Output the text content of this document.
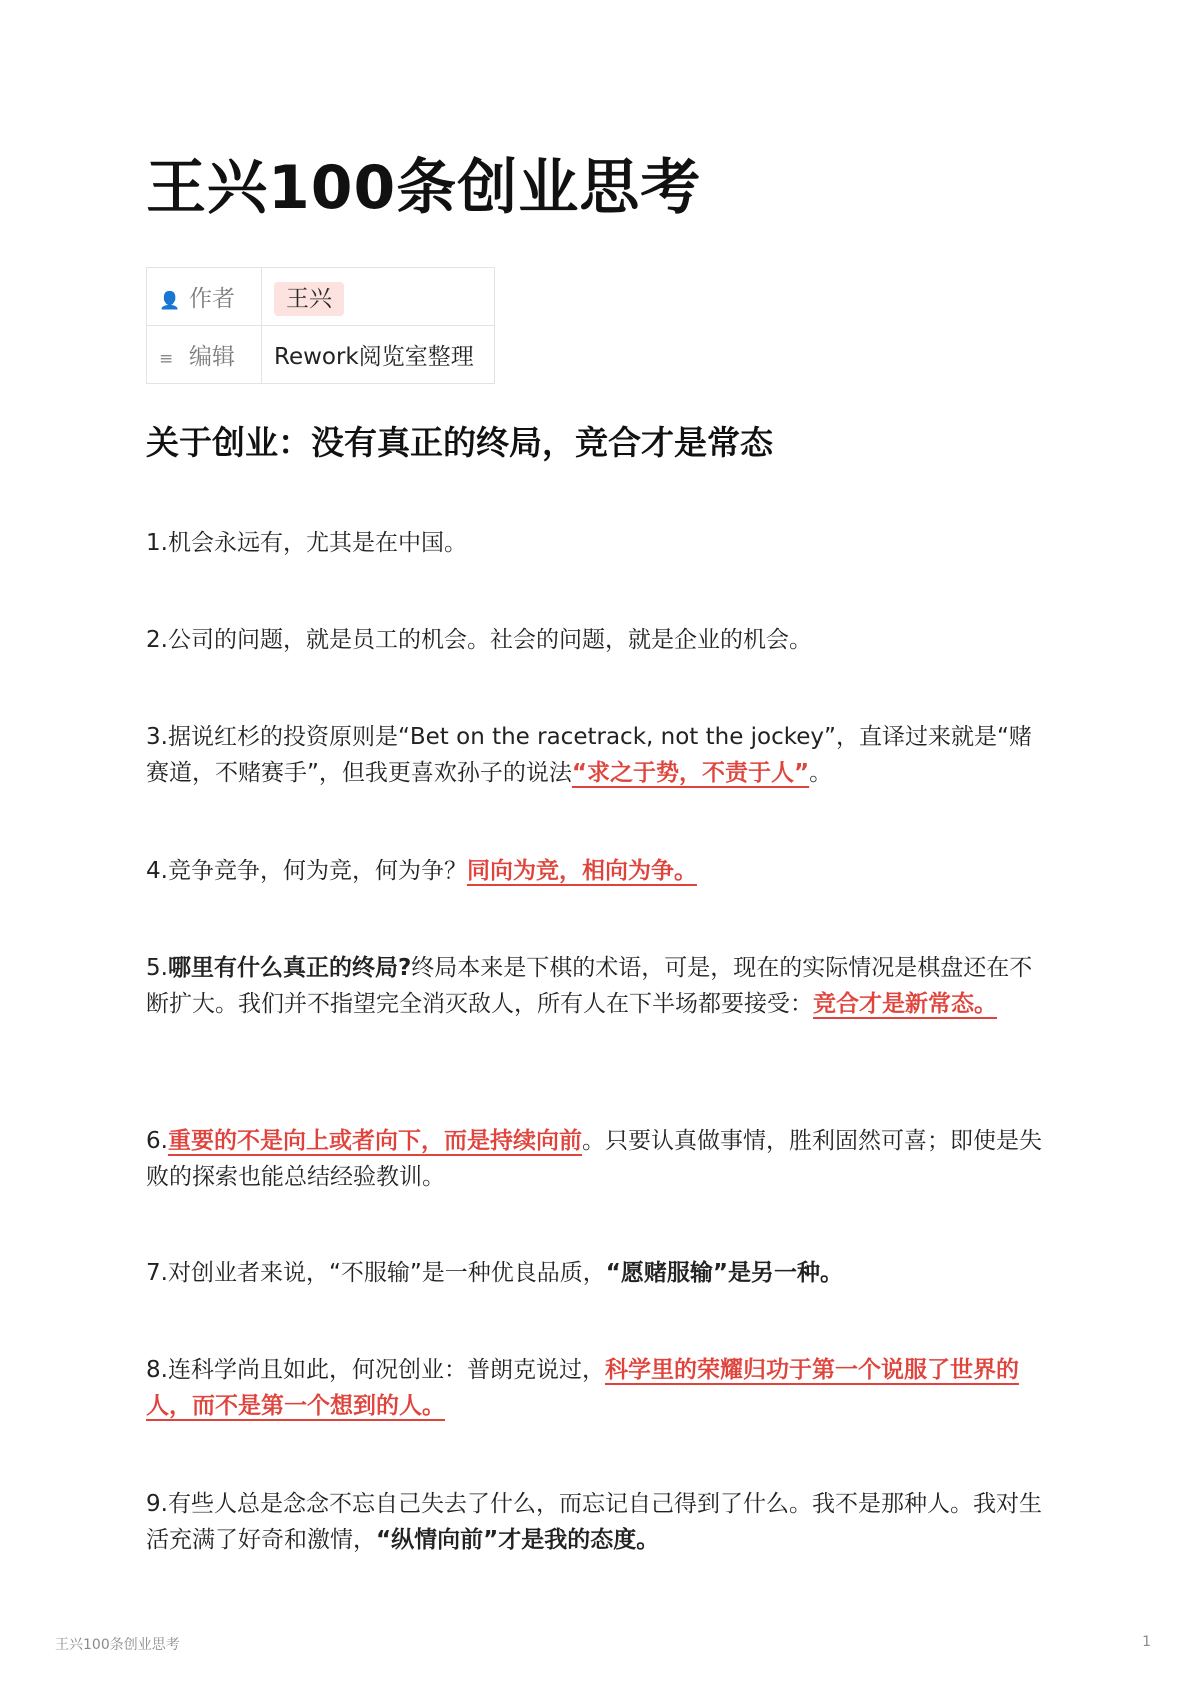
王兴100条创业思考
👤 作者	王兴
≡ 编辑	Rework阅览室整理
关于创业：没有真正的终局，竞合才是常态

1.机会永远有，尤其是在中国。

2.公司的问题，就是员工的机会。社会的问题，就是企业的机会。

3.据说红杉的投资原则是“Bet on the racetrack, not the jockey”，直译过来就是“赌赛道，不赌赛手”，但我更喜欢孙子的说法“求之于势，不责于人”。

4.竞争竞争，何为竞，何为争？同向为竞，相向为争。

5.哪里有什么真正的终局?终局本来是下棋的术语，可是，现在的实际情况是棋盘还在不断扩大。我们并不指望完全消灭敌人，所有人在下半场都要接受：竞合才是新常态。

6.重要的不是向上或者向下，而是持续向前。只要认真做事情，胜利固然可喜；即使是失败的探索也能总结经验教训。

7.对创业者来说，“不服输”是一种优良品质，“愿赌服输”是另一种。

8.连科学尚且如此，何况创业：普朗克说过，科学里的荣耀归功于第一个说服了世界的人，而不是第一个想到的人。

9.有些人总是念念不忘自己失去了什么，而忘记自己得到了什么。我不是那种人。我对生活充满了好奇和激情，“纵情向前”才是我的态度。

王兴100条创业思考	1
